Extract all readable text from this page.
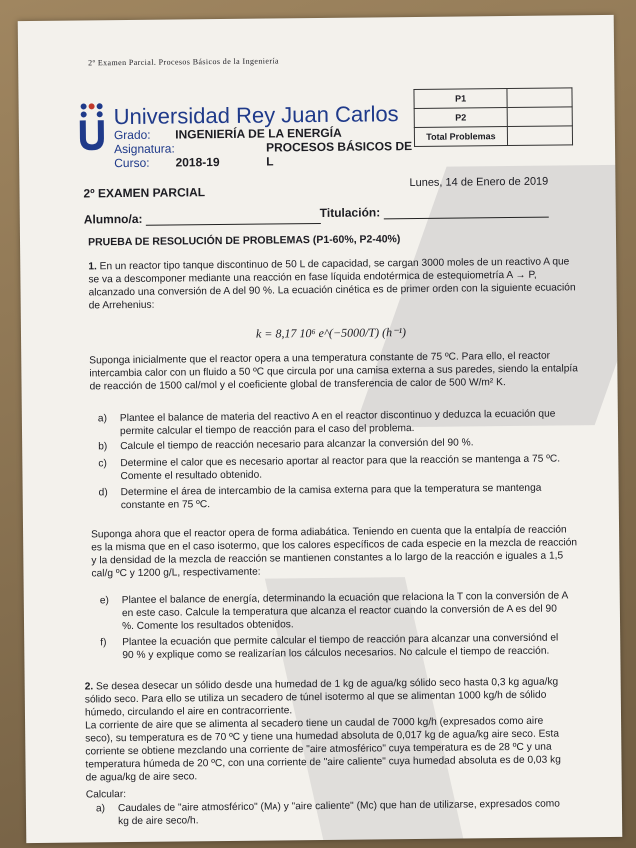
2º Examen Parcial. Procesos Básicos de la Ingeniería
Universidad Rey Juan Carlos
Grado: INGENIERÍA DE LA ENERGÍA
Asignatura:	PROCESOS BÁSICOS DE L
Curso: 2018-19
P1	
P2	
Total Problemas	
2º EXAMEN PARCIAL
Lunes, 14 de Enero de 2019
Alumno/a:	Titulación:
PRUEBA DE RESOLUCIÓN DE PROBLEMAS (P1-60%, P2-40%)
1. En un reactor tipo tanque discontinuo de 50 L de capacidad, se cargan 3000 moles de un reactivo A que
se va a descomponer mediante una reacción en fase líquida endotérmica de estequiometría A → P,
alcanzado una conversión de A del 90 %. La ecuación cinética es de primer orden con la siguiente ecuación
de Arrehenius:
k = 8,17 10⁶ e^(−5000/T) (h⁻¹)
Suponga inicialmente que el reactor opera a una temperatura constante de 75 ºC. Para ello, el reactor
intercambia calor con un fluido a 50 ºC que circula por una camisa externa a sus paredes, siendo la entalpía
de reacción de 1500 cal/mol y el coeficiente global de transferencia de calor de 500 W/m² K.
a) Plantee el balance de materia del reactivo A en el reactor discontinuo y deduzca la ecuación que
permite calcular el tiempo de reacción para el caso del problema.
b) Calcule el tiempo de reacción necesario para alcanzar la conversión del 90 %.
c) Determine el calor que es necesario aportar al reactor para que la reacción se mantenga a 75 ºC.
Comente el resultado obtenido.
d) Determine el área de intercambio de la camisa externa para que la temperatura se mantenga
constante en 75 ºC.
Suponga ahora que el reactor opera de forma adiabática. Teniendo en cuenta que la entalpía de reacción
es la misma que en el caso isotermo, que los calores específicos de cada especie en la mezcla de reacción
y la densidad de la mezcla de reacción se mantienen constantes a lo largo de la reacción e iguales a 1,5
cal/g ºC y 1200 g/L, respectivamente:
e) Plantee el balance de energía, determinando la ecuación que relaciona la T con la conversión de A
en este caso. Calcule la temperatura que alcanza el reactor cuando la conversión de A es del 90
%. Comente los resultados obtenidos.
f) Plantee la ecuación que permite calcular el tiempo de reacción para alcanzar una conversiónd el
90 % y explique como se realizarían los cálculos necesarios. No calcule el tiempo de reacción.
2. Se desea desecar un sólido desde una humedad de 1 kg de agua/kg sólido seco hasta 0,3 kg agua/kg
sólido seco. Para ello se utiliza un secadero de túnel isotermo al que se alimentan 1000 kg/h de sólido
húmedo, circulando el aire en contracorriente.
La corriente de aire que se alimenta al secadero tiene un caudal de 7000 kg/h (expresados como aire
seco), su temperatura es de 70 ºC y tiene una humedad absoluta de 0,017 kg de agua/kg aire seco. Esta
corriente se obtiene mezclando una corriente de "aire atmosférico" cuya temperatura es de 28 ºC y una
temperatura húmeda de 20 ºC, con una corriente de "aire caliente" cuya humedad absoluta es de 0,03 kg
de agua/kg de aire seco.
Calcular:
a) Caudales de "aire atmosférico" (Mᴀ) y "aire caliente" (Mc) que han de utilizarse, expresados como
kg de aire seco/h.
